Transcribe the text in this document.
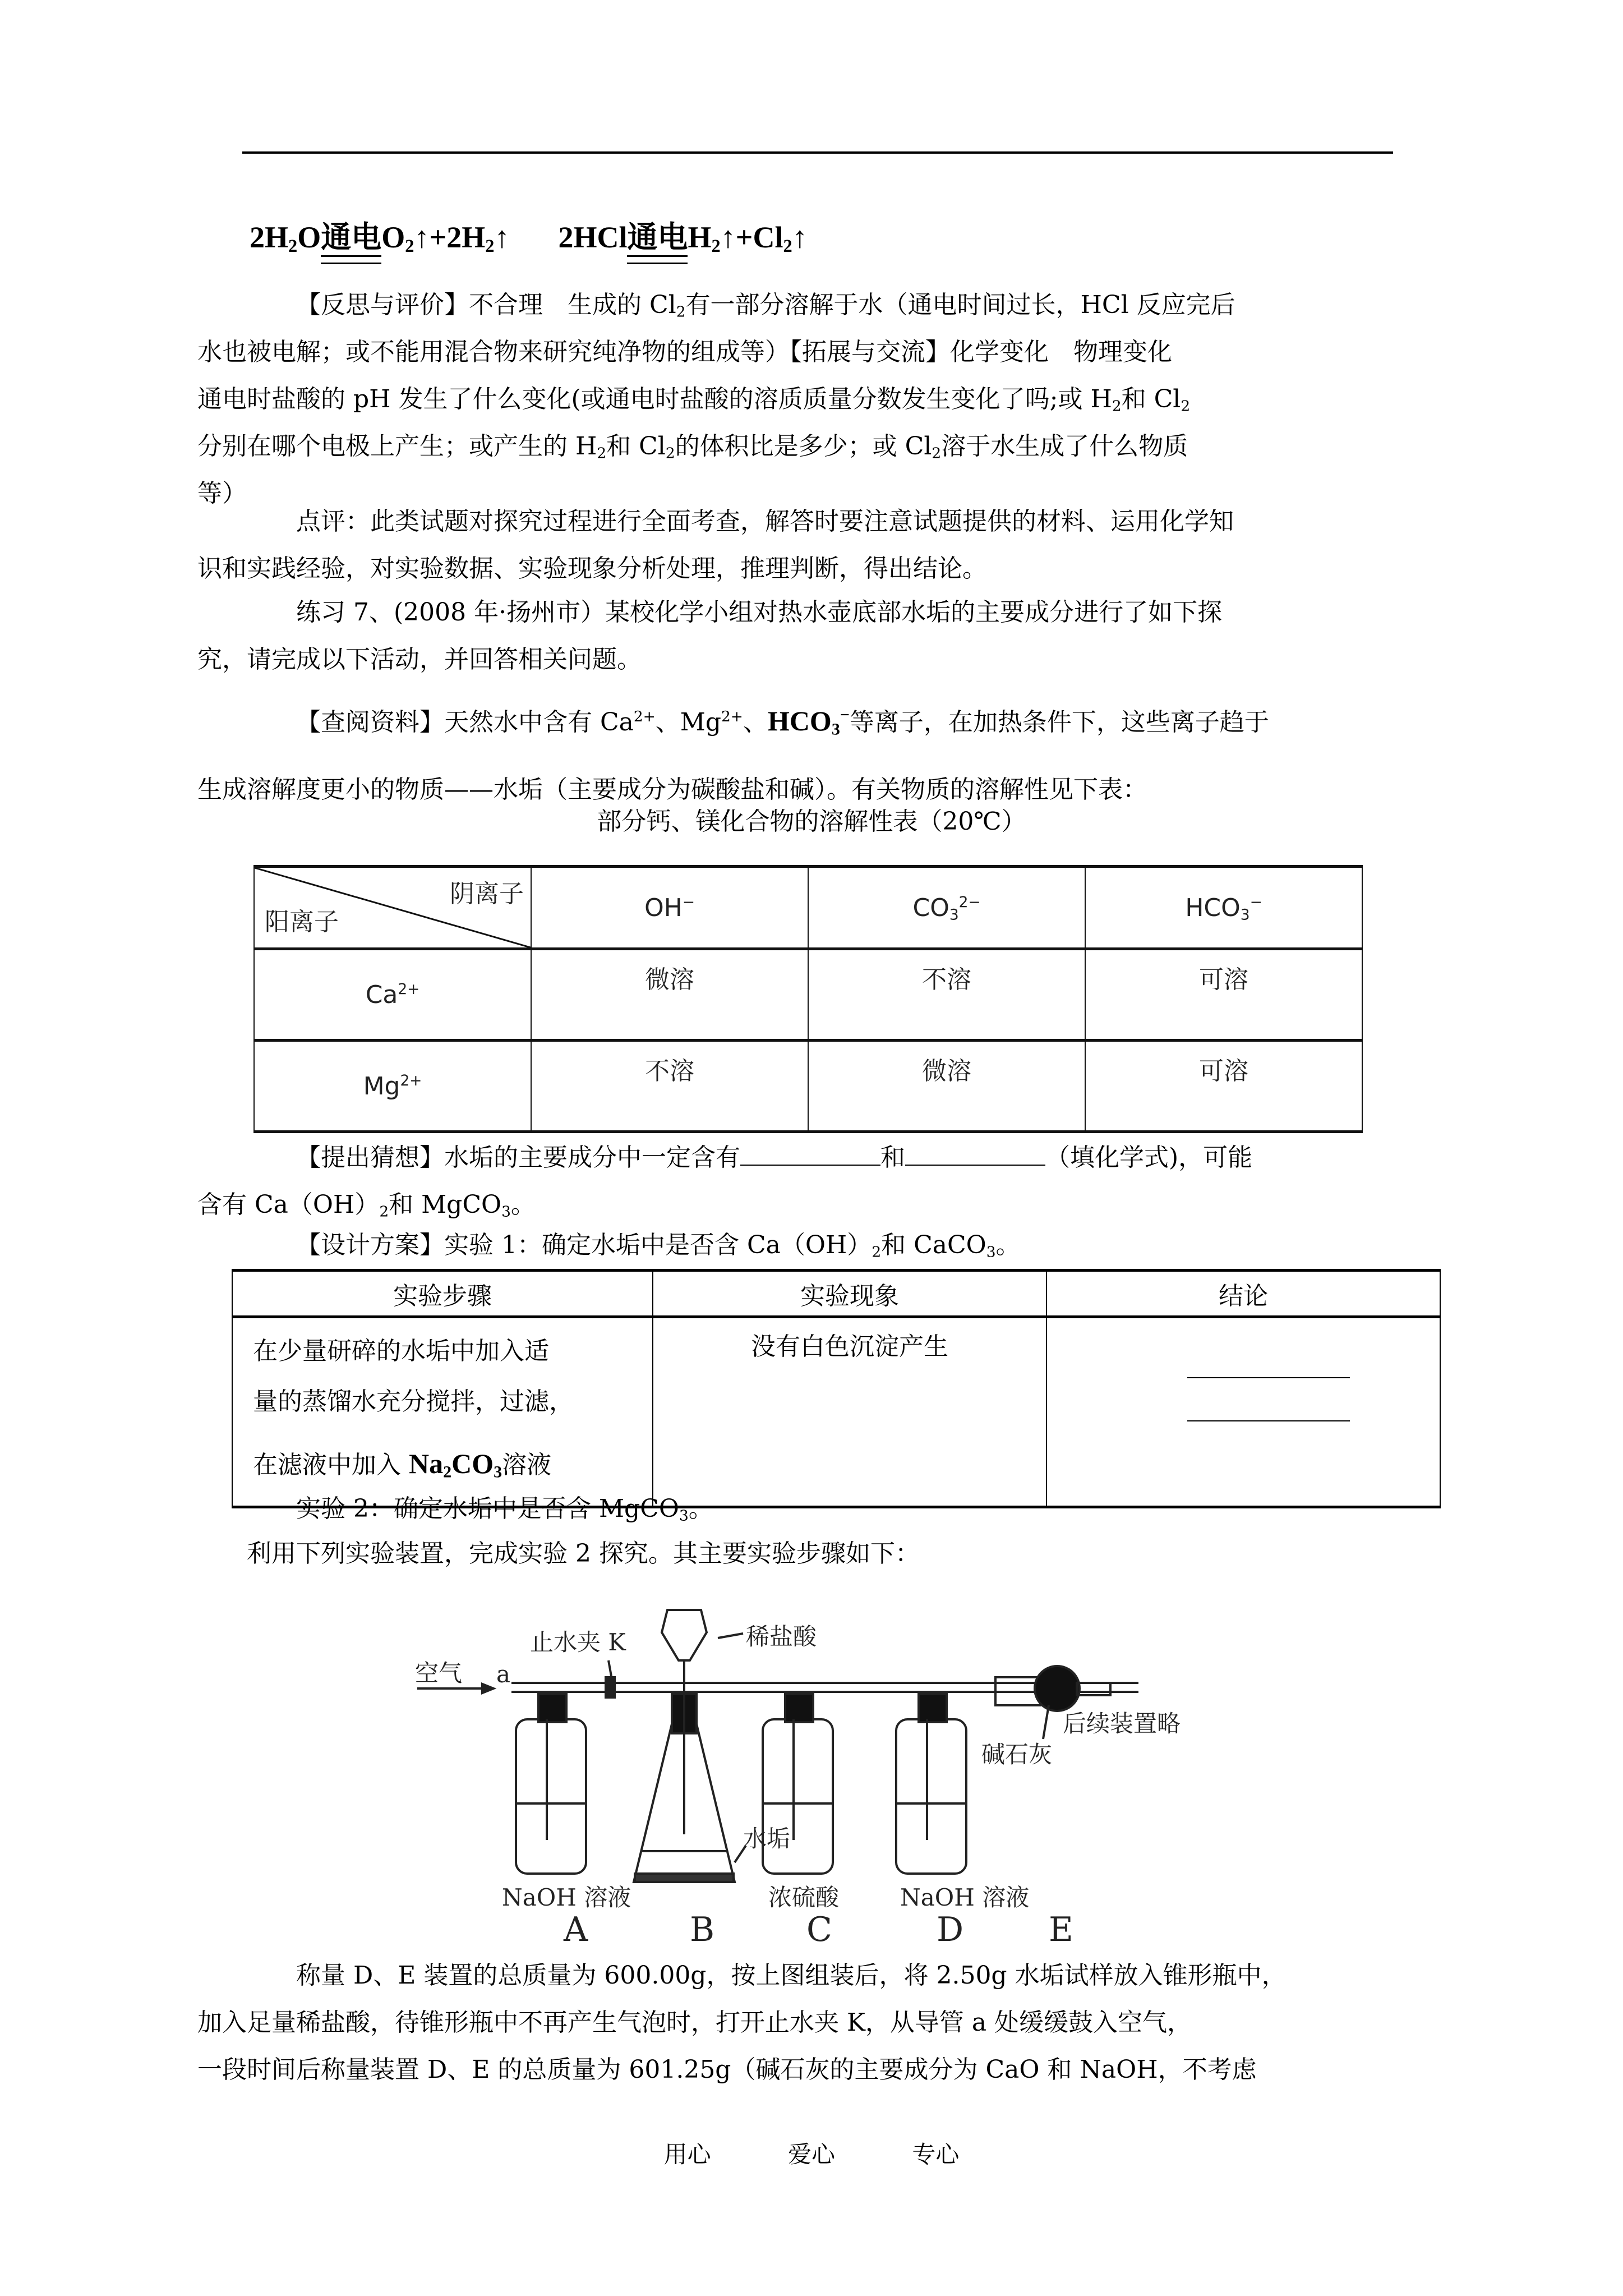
$2H_2O$通电$O_2↑+2H_2↑$ 2HCl通电$H_2↑+Cl_2↑$
【反思与评价】不合理　生成的 $Cl_2$有一部分溶解于水（通电时间过长，HCl 反应完后
水也被电解；或不能用混合物来研究纯净物的组成等）【拓展与交流】化学变化　物理变化
通电时盐酸的 pH 发生了什么变化(或通电时盐酸的溶质质量分数发生变化了吗;或 $H_2$和 $Cl_2$
分别在哪个电极上产生；或产生的 $H_2$和 $Cl_2$的体积比是多少；或 $Cl_2$溶于水生成了什么物质
等）
点评：此类试题对探究过程进行全面考查，解答时要注意试题提供的材料、运用化学知
识和实践经验，对实验数据、实验现象分析处理，推理判断，得出结论。
练习 7、(2008 年·扬州市）某校化学小组对热水壶底部水垢的主要成分进行了如下探
究，请完成以下活动，并回答相关问题。
【查阅资料】天然水中含有 $Ca^{2+}$、$Mg^{2+}$、$HCO_3^-$等离子，在加热条件下，这些离子趋于
生成溶解度更小的物质——水垢（主要成分为碳酸盐和碱）。有关物质的溶解性见下表：
部分钙、镁化合物的溶解性表（20℃）
阴离子
阳离子	OH−	$CO_3^{2-}$	$HCO_3^-$
$Ca^{2+}$	微溶	不溶	可溶
$Mg^{2+}$	不溶	微溶	可溶
【提出猜想】水垢的主要成分中一定含有	和	（填化学式)，可能
含有 $Ca(OH)_2$和 MgCO$_3$。
【设计方案】实验 1：确定水垢中是否含 $Ca(OH)_2$和 CaCO$_3$。
实验步骤	实验现象	结论

在少量研碎的水垢中加入适
量的蒸馏水充分搅拌，过滤，
在滤液中加入 $Na_2CO_3$溶液	没有白色沉淀产生	
实验 2：确定水垢中是否含 MgCO$_3$。
利用下列实验装置，完成实验 2 探究。其主要实验步骤如下：
空气 a
止水夹 K	稀盐酸
水垢
碱石灰
后续装置略
NaOH 溶液	浓硫酸	NaOH 溶液
A	B	C	D	E
称量 D、E 装置的总质量为 600.00g，按上图组装后，将 2.50g 水垢试样放入锥形瓶中，
加入足量稀盐酸，待锥形瓶中不再产生气泡时，打开止水夹 K，从导管 a 处缓缓鼓入空气，
一段时间后称量装置 D、E 的总质量为 601.25g（碱石灰的主要成分为 CaO 和 NaOH，不考虑
用心	爱心	专心
